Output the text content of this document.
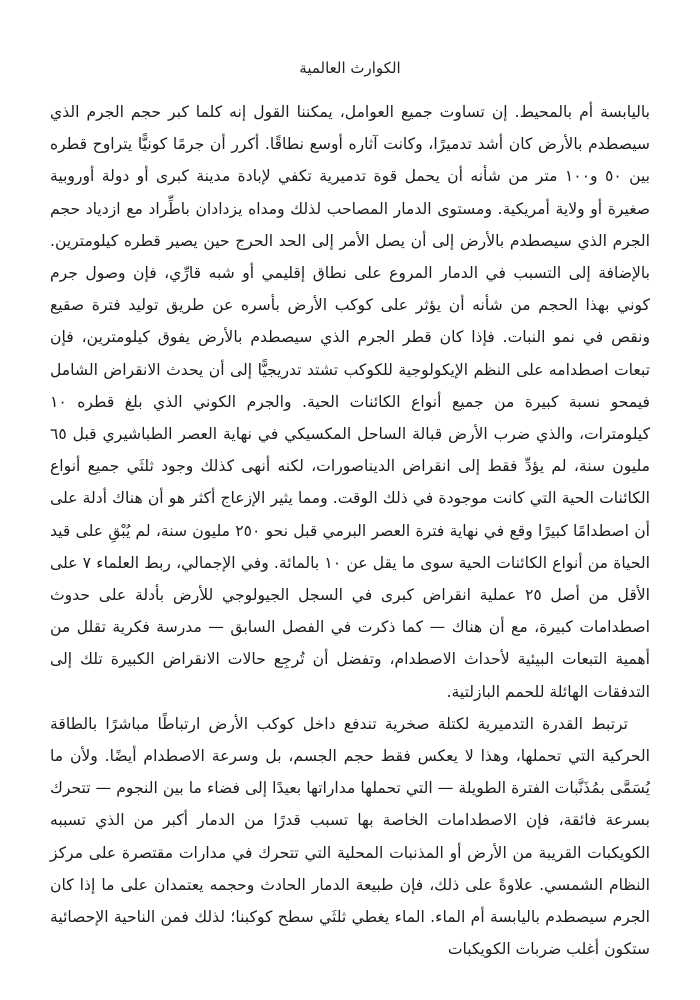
الكوارث العالمية

باليابسة أم بالمحيط. إن تساوت جميع العوامل، يمكننا القول إنه كلما كبر حجم الجرم الذي سيصطدم بالأرض كان أشد تدميرًا، وكانت آثاره أوسع نطاقًا. أكرر أن جرمًا كونيًّا يتراوح قطره بين ٥٠ و١٠٠ متر من شأنه أن يحمل قوة تدميرية تكفي لإبادة مدينة كبرى أو دولة أوروبية صغيرة أو ولاية أمريكية. ومستوى الدمار المصاحب لذلك ومداه يزدادان باطِّراد مع ازدياد حجم الجرم الذي سيصطدم بالأرض إلى أن يصل الأمر إلى الحد الحرج حين يصير قطره كيلومترين. بالإضافة إلى التسبب في الدمار المروع على نطاق إقليمي أو شبه قارِّي، فإن وصول جرم كوني بهذا الحجم من شأنه أن يؤثر على كوكب الأرض بأسره عن طريق توليد فترة صقيع ونقص في نمو النبات. فإذا كان قطر الجرم الذي سيصطدم بالأرض يفوق كيلومترين، فإن تبعات اصطدامه على النظم الإيكولوجية للكوكب تشتد تدريجيًّا إلى أن يحدث الانقراض الشامل فيمحو نسبة كبيرة من جميع أنواع الكائنات الحية. والجرم الكوني الذي بلغ قطره ١٠ كيلومترات، والذي ضرب الأرض قبالة الساحل المكسيكي في نهاية العصر الطباشيري قبل ٦٥ مليون سنة، لم يؤدِّ فقط إلى انقراض الديناصورات، لكنه أنهى كذلك وجود ثلثَي جميع أنواع الكائنات الحية التي كانت موجودة في ذلك الوقت. ومما يثير الإزعاج أكثر هو أن هناك أدلة على أن اصطدامًا كبيرًا وقع في نهاية فترة العصر البرمي قبل نحو ٢٥٠ مليون سنة، لم يُبْقِ على قيد الحياة من أنواع الكائنات الحية سوى ما يقل عن ١٠ بالمائة. وفي الإجمالي، ربط العلماء ٧ على الأقل من أصل ٢٥ عملية انقراض كبرى في السجل الجيولوجي للأرض بأدلة على حدوث اصطدامات كبيرة، مع أن هناك — كما ذكرت في الفصل السابق — مدرسة فكرية تقلل من أهمية التبعات البيئية لأحداث الاصطدام، وتفضل أن تُرجِع حالات الانقراض الكبيرة تلك إلى التدفقات الهائلة للحمم البازلتية.

ترتبط القدرة التدميرية لكتلة صخرية تندفع داخل كوكب الأرض ارتباطًا مباشرًا بالطاقة الحركية التي تحملها، وهذا لا يعكس فقط حجم الجسم، بل وسرعة الاصطدام أيضًا. ولأن ما يُسَمَّى بمُذَنَّبات الفترة الطويلة — التي تحملها مداراتها بعيدًا إلى فضاء ما بين النجوم — تتحرك بسرعة فائقة، فإن الاصطدامات الخاصة بها تسبب قدرًا من الدمار أكبر من الذي تسببه الكويكبات القريبة من الأرض أو المذنبات المحلية التي تتحرك في مدارات مقتصرة على مركز النظام الشمسي. علاوةً على ذلك، فإن طبيعة الدمار الحادث وحجمه يعتمدان على ما إذا كان الجرم سيصطدم باليابسة أم الماء. الماء يغطي ثلثَي سطح كوكبنا؛ لذلك فمن الناحية الإحصائية ستكون أغلب ضربات الكويكبات
